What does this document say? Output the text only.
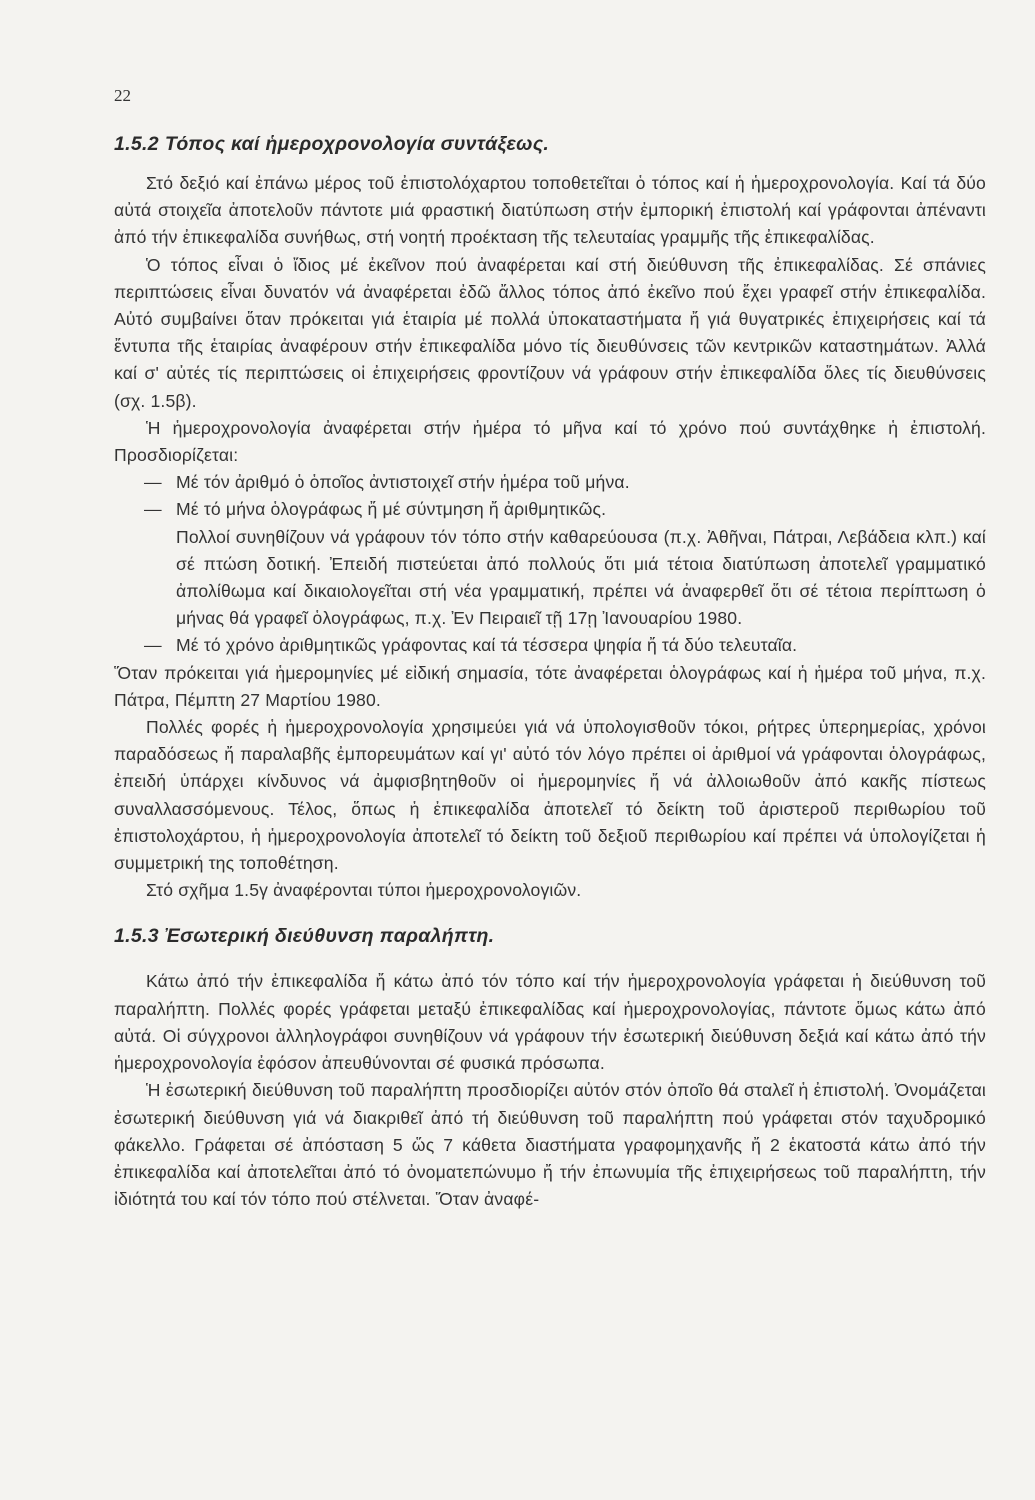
22
1.5.2 Τόπος καί ἡμερoχρονολογία συντάξεως.

Στό δεξιό καί ἐπάνω μέρος τοῦ ἐπιστολόχαρτου τοποθετεῖται ὁ τόπος καί ἡ ἡμερoχρονολογία. Καί τά δύο αὐτά στοιχεῖα ἀποτελοῦν πάντοτε μιά φραστική διατύπωση στήν ἐμπορική ἐπιστολή καί γράφονται ἀπέναντι ἀπό τήν ἐπικεφαλίδα συνήθως, στή νοητή προέκταση τῆς τελευταίας γραμμῆς τῆς ἐπικεφαλίδας.

Ὁ τόπος εἶναι ὁ ἴδιος μέ ἐκεῖνον πού ἀναφέρεται καί στή διεύθυνση τῆς ἐπικεφαλίδας. Σέ σπάνιες περιπτώσεις εἶναι δυνατόν νά ἀναφέρεται ἐδῶ ἄλλος τόπος ἀπό ἐκεῖνο πού ἔχει γραφεῖ στήν ἐπικεφαλίδα. Αὐτό συμβαίνει ὅταν πρόκειται γιά ἑταιρία μέ πολλά ὑποκαταστήματα ἤ γιά θυγατρικές ἐπιχειρήσεις καί τά ἔντυπα τῆς ἑταιρίας ἀναφέρουν στήν ἐπικεφαλίδα μόνο τίς διευθύνσεις τῶν κεντρικῶν καταστημάτων. Ἀλλά καί σ' αὐτές τίς περιπτώσεις οἱ ἐπιχειρήσεις φροντίζουν νά γράφουν στήν ἐπικεφαλίδα ὅλες τίς διευθύνσεις (σχ. 1.5β).

Ἡ ἡμερoχρονολογία ἀναφέρεται στήν ἡμέρα τό μῆνα καί τό χρόνο πού συντάχθηκε ἡ ἐπιστολή. Προσδιορίζεται:

— Μέ τόν ἀριθμό ὁ ὁποῖος ἀντιστοιχεῖ στήν ἡμέρα τοῦ μήνα.
— Μέ τό μήνα ὁλογράφως ἤ μέ σύντμηση ἤ ἀριθμητικῶς.
Πολλοί συνηθίζουν νά γράφουν τόν τόπο στήν καθαρεύουσα (π.χ. Ἀθῆναι, Πάτραι, Λεβάδεια κλπ.) καί σέ πτώση δοτική. Ἐπειδή πιστεύεται ἀπό πολλούς ὅτι μιά τέτοια διατύπωση ἀποτελεῖ γραμματικό ἀπολίθωμα καί δικαιολογεῖται στή νέα γραμματική, πρέπει νά ἀναφερθεῖ ὅτι σέ τέτοια περίπτωση ὁ μήνας θά γραφεῖ ὁλογράφως, π.χ. Ἐν Πειραιεῖ τῇ 17ῃ Ἰανουαρίου 1980.
— Μέ τό χρόνο ἀριθμητικῶς γράφοντας καί τά τέσσερα ψηφία ἤ τά δύο τελευταῖα.

Ὅταν πρόκειται γιά ἡμερομηνίες μέ εἰδική σημασία, τότε ἀναφέρεται ὁλογράφως καί ἡ ἡμέρα τοῦ μήνα, π.χ. Πάτρα, Πέμπτη 27 Μαρτίου 1980.

Πολλές φορές ἡ ἡμερoχρονολογία χρησιμεύει γιά νά ὑπολογισθοῦν τόκοι, ρήτρες ὑπερημερίας, χρόνοι παραδόσεως ἤ παραλαβῆς ἐμπορευμάτων καί γι' αὐτό τόν λόγο πρέπει οἱ ἀριθμοί νά γράφονται ὁλογράφως, ἐπειδή ὑπάρχει κίνδυνος νά ἀμφισβητηθοῦν οἱ ἡμερομηνίες ἤ νά ἀλλοιωθοῦν ἀπό κακῆς πίστεως συναλλασσόμενους. Τέλος, ὅπως ἡ ἐπικεφαλίδα ἀποτελεῖ τό δείκτη τοῦ ἀριστερoῦ περιθωρίου τοῦ ἐπιστολοχάρτου, ἡ ἡμερoχρονολογία ἀποτελεῖ τό δείκτη τοῦ δεξιοῦ περιθωρίου καί πρέπει νά ὑπολογίζεται ἡ συμμετρική της τοποθέτηση.

Στό σχῆμα 1.5γ ἀναφέρονται τύποι ἡμερoχρονολογιῶν.

1.5.3 Ἐσωτερική διεύθυνση παραλήπτη.

Κάτω ἀπό τήν ἐπικεφαλίδα ἤ κάτω ἀπό τόν τόπο καί τήν ἡμερoχρονολογία γράφεται ἡ διεύθυνση τοῦ παραλήπτη. Πολλές φορές γράφεται μεταξύ ἐπικεφαλίδας καί ἡμερoχρονολογίας, πάντοτε ὅμως κάτω ἀπό αὐτά. Οἱ σύγχρονοι ἀλληλογράφοι συνηθίζουν νά γράφουν τήν ἐσωτερική διεύθυνση δεξιά καί κάτω ἀπό τήν ἡμερoχρονολογία ἐφόσον ἀπευθύνονται σέ φυσικά πρόσωπα.

Ἡ ἐσωτερική διεύθυνση τοῦ παραλήπτη προσδιορίζει αὐτόν στόν ὁποῖο θά σταλεῖ ἡ ἐπιστολή. Ὀνομάζεται ἐσωτερική διεύθυνση γιά νά διακριθεῖ ἀπό τή διεύθυνση τοῦ παραλήπτη πού γράφεται στόν ταχυδρομικό φάκελλο. Γράφεται σέ ἀπόσταση 5 ὥς 7 κάθετα διαστήματα γραφομηχανῆς ἤ 2 ἑκατοστά κάτω ἀπό τήν ἐπικεφαλίδα καί ἀποτελεῖται ἀπό τό ὀνοματεπώνυμο ἤ τήν ἐπωνυμία τῆς ἐπιχειρήσεως τοῦ παραλήπτη, τήν ἰδιότητά του καί τόν τόπο πού στέλνεται. Ὅταν ἀναφέ-
